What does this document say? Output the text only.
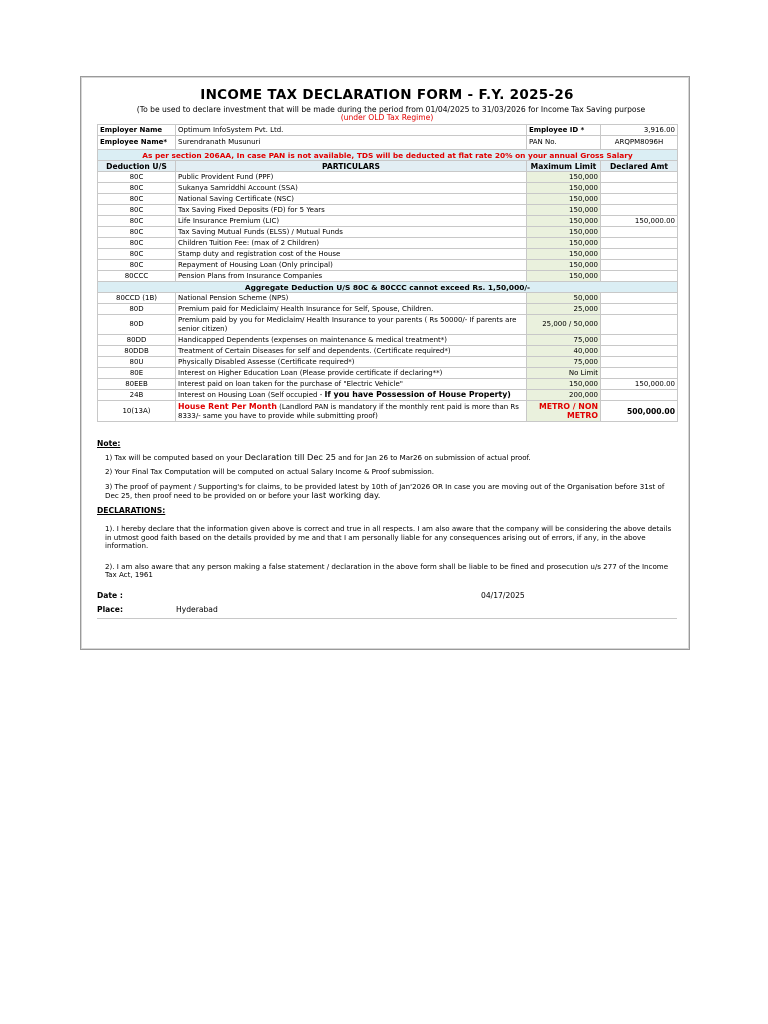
INCOME TAX DECLARATION FORM - F.Y. 2025-26
(To be used to declare investment that will be made during the period from 01/04/2025 to 31/03/2026 for Income Tax Saving purpose
(under OLD Tax Regime)
Employer Name	Optimum InfoSystem Pvt. Ltd.	Employee ID *	3,916.00
Employee Name*	Surendranath Musunuri	PAN No.	ARQPM8096H
As per section 206AA, In case PAN is not available, TDS will be deducted at flat rate 20% on your annual Gross Salary			
Deduction U/S	PARTICULARS	Maximum Limit	Declared Amt
80C	Public Provident Fund (PPF)	150,000	
80C	Sukanya Samriddhi Account (SSA)	150,000	
80C	National Saving Certificate (NSC)	150,000	
80C	Tax Saving Fixed Deposits (FD) for 5 Years	150,000	
80C	Life Insurance Premium (LIC)	150,000	150,000.00
80C	Tax Saving Mutual Funds (ELSS) / Mutual Funds	150,000	
80C	Children Tuition Fee: (max of 2 Children)	150,000	
80C	Stamp duty and registration cost of the House	150,000	
80C	Repayment of Housing Loan (Only principal)	150,000	
80CCC	Pension Plans from Insurance Companies	150,000	
Aggregate Deduction U/S 80C & 80CCC cannot exceed Rs. 1,50,000/-			
80CCD (1B)	National Pension Scheme (NPS)	50,000	
80D	Premium paid for Mediclaim/ Health Insurance for Self, Spouse, Children.	25,000	
80D	Premium paid by you for Mediclaim/ Health Insurance to your parents ( Rs 50000/- If parents are senior citizen)	25,000 / 50,000	
80DD	Handicapped Dependents (expenses on maintenance & medical treatment*)	75,000	
80DDB	Treatment of Certain Diseases for self and dependents. (Certificate required*)	40,000	
80U	Physically Disabled Assesse (Certificate required*)	75,000	
80E	Interest on Higher Education Loan (Please provide certificate if declaring**)	No Limit	
80EEB	Interest paid on loan taken for the purchase of "Electric Vehicle"	150,000	150,000.00
24B	Interest on Housing Loan (Self occupied - If you have Possession of House Property)	200,000	
10(13A)	House Rent Per Month (Landlord PAN is mandatory if the monthly rent paid is more than Rs 8333/- same you have to provide while submitting proof)	METRO / NON METRO	500,000.00

Note:

1) Tax will be computed based on your Declaration till Dec 25 and for Jan 26 to Mar26 on submission of actual proof.

2) Your Final Tax Computation will be computed on actual Salary Income & Proof submission.

3) The proof of payment / Supporting's for claims, to be provided latest by 10th of Jan'2026 OR In case you are moving out of the Organisation before 31st of Dec 25, then proof need to be provided on or before your last working day.

DECLARATIONS:

1). I hereby declare that the information given above is correct and true in all respects. I am also aware that the company will be considering the above details in utmost good faith based on the details provided by me and that I am personally liable for any consequences arising out of errors, if any, in the above information.

2). I am also aware that any person making a false statement / declaration in the above form shall be liable to be fined and prosecution u/s 277 of the Income Tax Act, 1961

Date :	04/17/2025
Place:	Hyderabad
